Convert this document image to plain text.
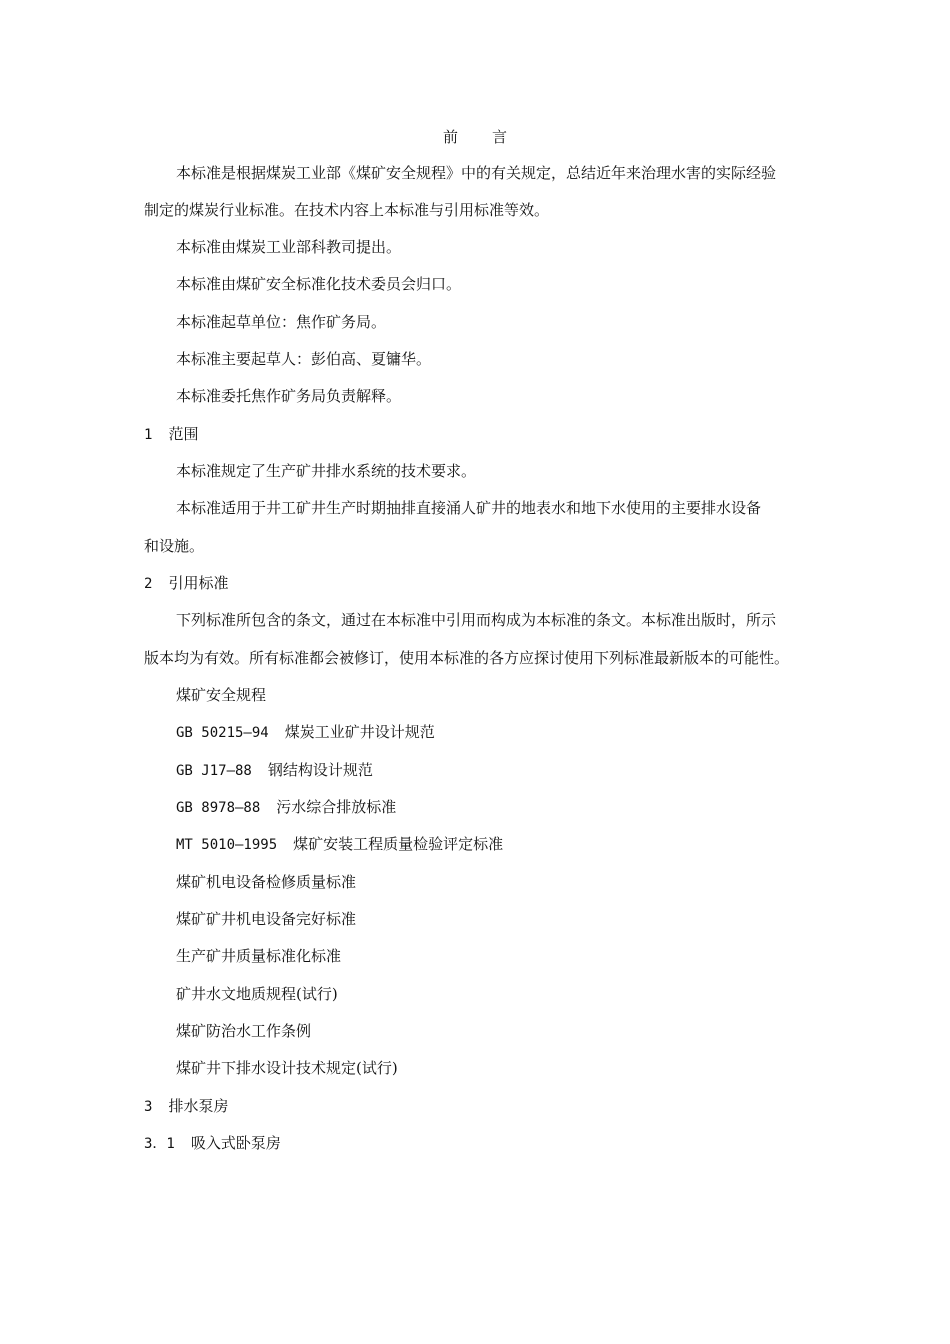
前言
本标准是根据煤炭工业部《煤矿安全规程》中的有关规定，总结近年来治理水害的实际经验
制定的煤炭行业标准。在技术内容上本标准与引用标准等效。
本标准由煤炭工业部科教司提出。
本标准由煤矿安全标准化技术委员会归口。
本标准起草单位：焦作矿务局。
本标准主要起草人：彭伯高、夏镛华。
本标准委托焦作矿务局负责解释。
1 范围
本标准规定了生产矿井排水系统的技术要求。
本标准适用于井工矿井生产时期抽排直接涌人矿井的地表水和地下水使用的主要排水设备
和设施。
2 引用标准
下列标准所包含的条文，通过在本标准中引用而构成为本标准的条文。本标准出版时，所示
版本均为有效。所有标准都会被修订，使用本标准的各方应探讨使用下列标准最新版本的可能性。
煤矿安全规程
GB 50215—94 煤炭工业矿井设计规范
GB J17—88 钢结构设计规范
GB 8978—88 污水综合排放标准
MT 5010—1995 煤矿安装工程质量检验评定标准
煤矿机电设备检修质量标准
煤矿矿井机电设备完好标准
生产矿井质量标准化标准
矿井水文地质规程(试行)
煤矿防治水工作条例
煤矿井下排水设计技术规定(试行)
3 排水泵房
3．1 吸入式卧泵房
